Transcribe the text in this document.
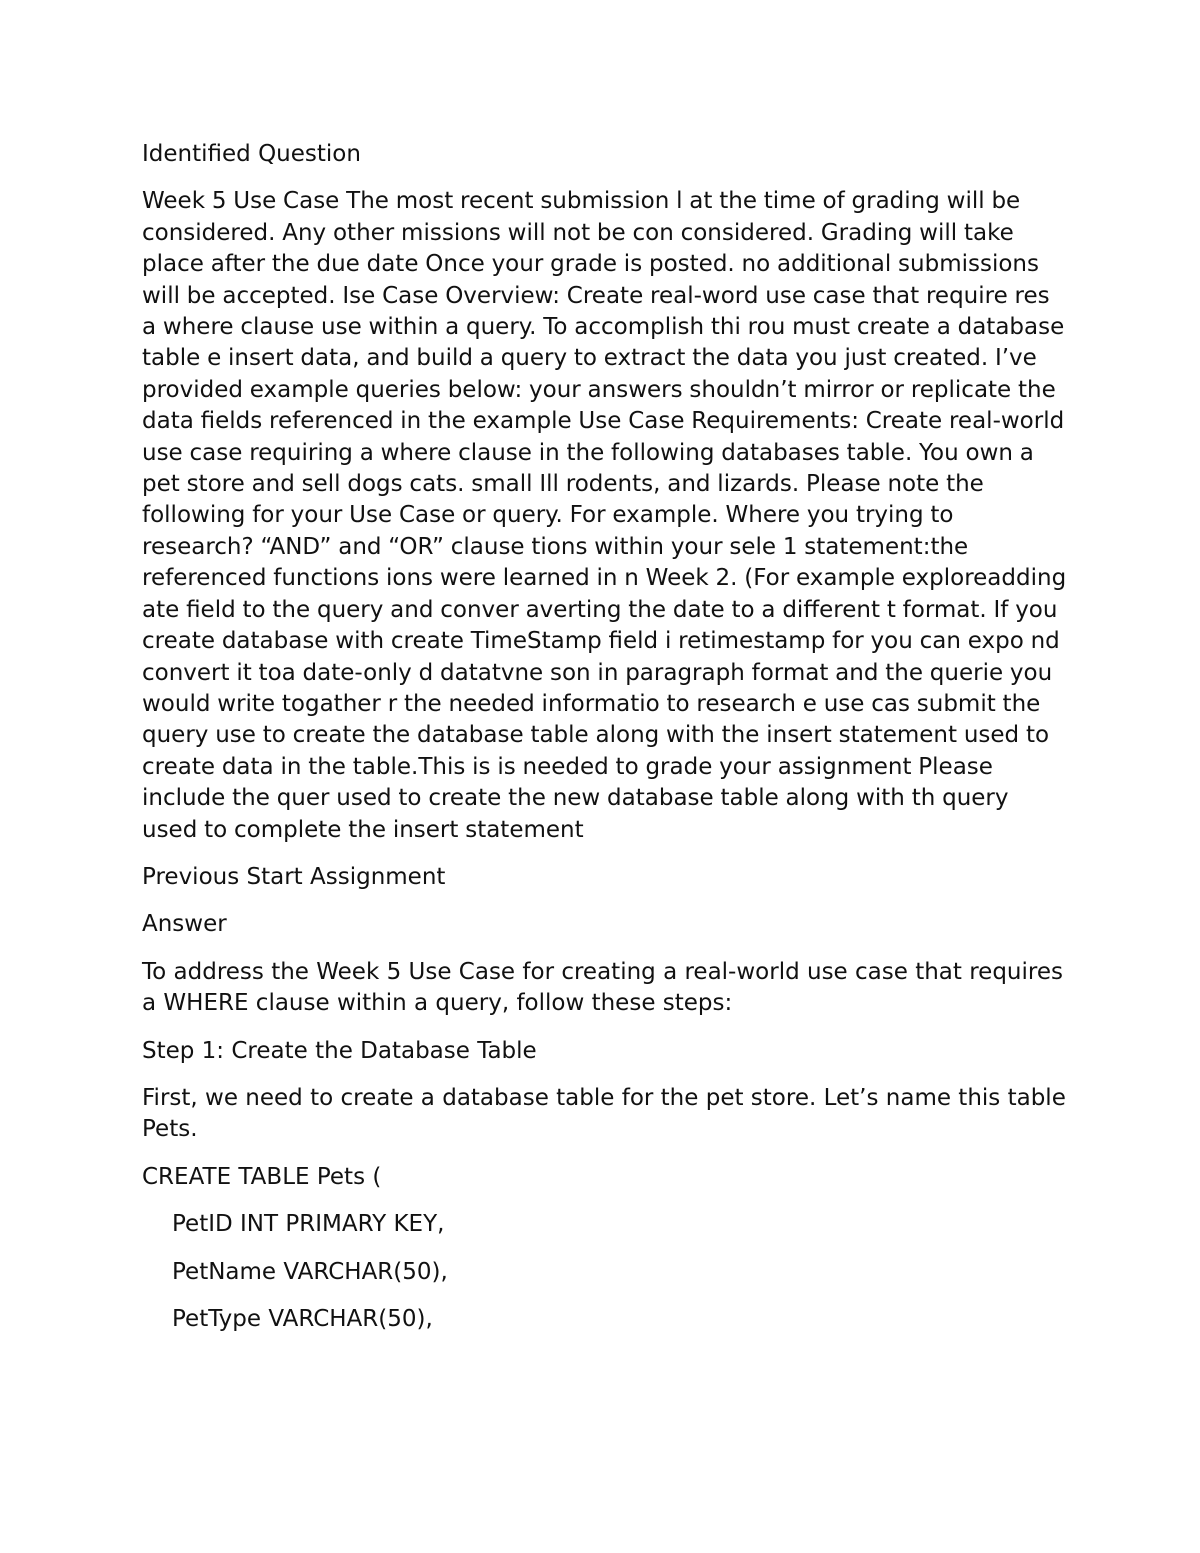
Identified Question

Week 5 Use Case The most recent submission l at the time of grading will be considered. Any other missions will not be con considered. Grading will take place after the due date Once your grade is posted. no additional submissions will be accepted. Ise Case Overview: Create real-word use case that require res a where clause use within a query. To accomplish thi rou must create a database table e insert data, and build a query to extract the data you just created. I’ve provided example queries below: your answers shouldn’t mirror or replicate the data fields referenced in the example Use Case Requirements: Create real-world use case requiring a where clause in the following databases table. You own a pet store and sell dogs cats. small Ill rodents, and lizards. Please note the following for your Use Case or query. For example. Where you trying to research? “AND” and “OR” clause tions within your sele 1 statement:the referenced functions ions were learned in n Week 2. (For example exploreadding ate field to the query and conver averting the date to a different t format. If you create database with create TimeStamp field i retimestamp for you can expo nd convert it toa date-only d datatvne son in paragraph format and the querie you would write togather r the needed informatio to research e use cas submit the query use to create the database table along with the insert statement used to create data in the table.This is is needed to grade your assignment Please include the quer used to create the new database table along with th query used to complete the insert statement

Previous Start Assignment

Answer

To address the Week 5 Use Case for creating a real-world use case that requires a WHERE clause within a query, follow these steps:

Step 1: Create the Database Table

First, we need to create a database table for the pet store. Let’s name this table Pets.

CREATE TABLE Pets (

PetID INT PRIMARY KEY,

PetName VARCHAR(50),

PetType VARCHAR(50),
